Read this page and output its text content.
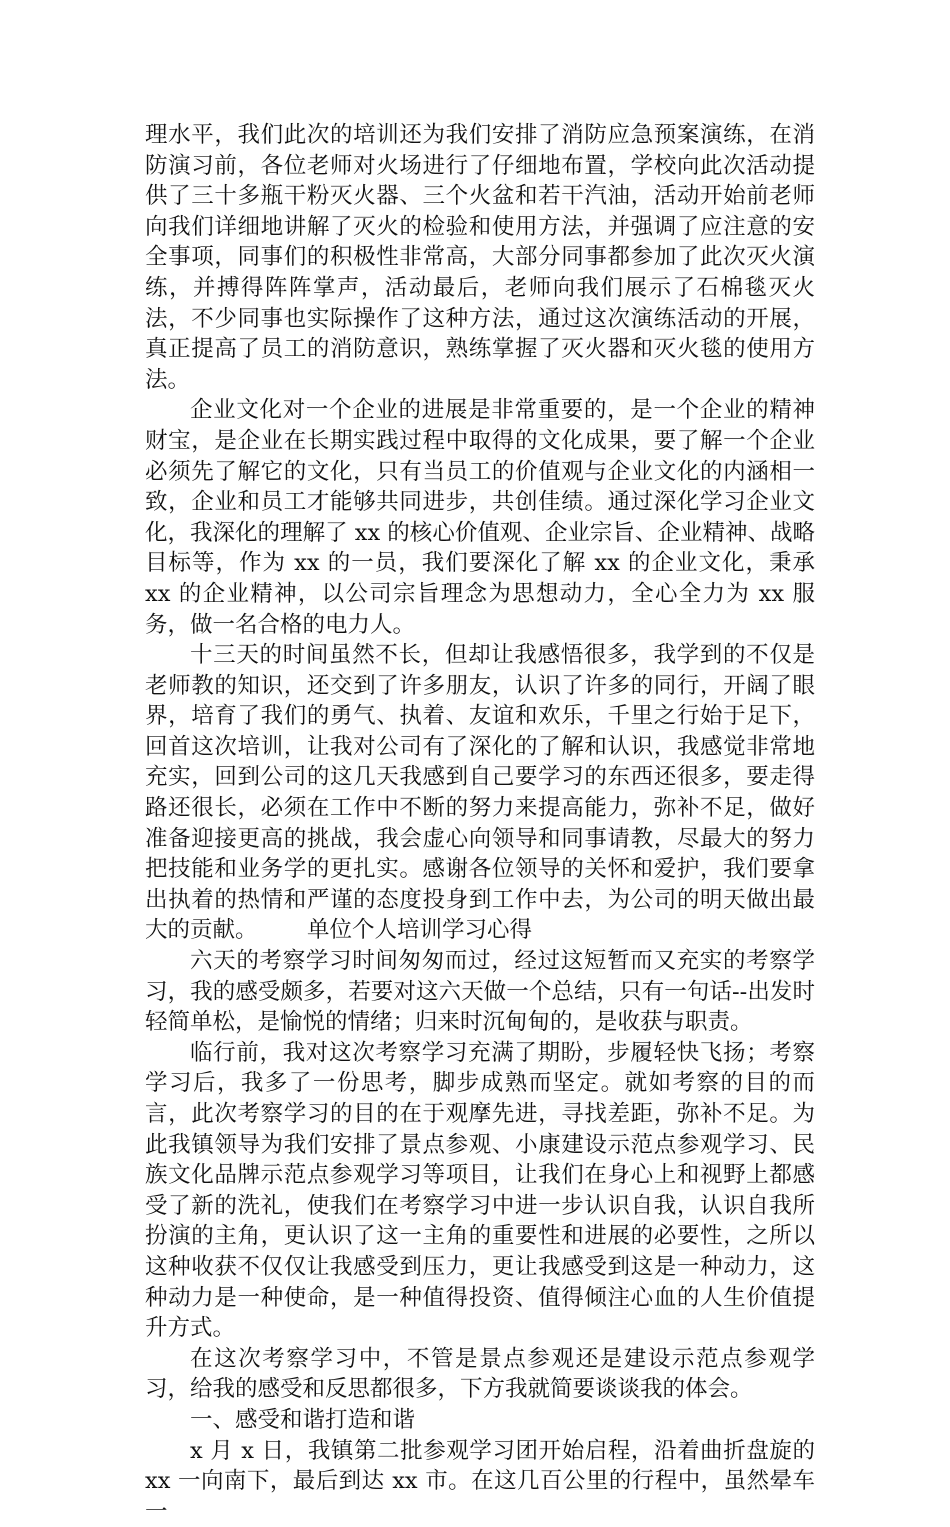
理水平，我们此次的培训还为我们安排了消防应急预案演练，在消防演习前，各位老师对火场进行了仔细地布置，学校向此次活动提供了三十多瓶干粉灭火器、三个火盆和若干汽油，活动开始前老师向我们详细地讲解了灭火的检验和使用方法，并强调了应注意的安全事项，同事们的积极性非常高，大部分同事都参加了此次灭火演练，并搏得阵阵掌声，活动最后，老师向我们展示了石棉毯灭火法，不少同事也实际操作了这种方法，通过这次演练活动的开展，真正提高了员工的消防意识，熟练掌握了灭火器和灭火毯的使用方法。

企业文化对一个企业的进展是非常重要的，是一个企业的精神财宝，是企业在长期实践过程中取得的文化成果，要了解一个企业必须先了解它的文化，只有当员工的价值观与企业文化的内涵相一致，企业和员工才能够共同进步，共创佳绩。通过深化学习企业文化，我深化的理解了 xx 的核心价值观、企业宗旨、企业精神、战略目标等，作为 xx 的一员，我们要深化了解 xx 的企业文化，秉承 xx 的企业精神，以公司宗旨理念为思想动力，全心全力为 xx 服务，做一名合格的电力人。

十三天的时间虽然不长，但却让我感悟很多，我学到的不仅是老师教的知识，还交到了许多朋友，认识了许多的同行，开阔了眼界，培育了我们的勇气、执着、友谊和欢乐，千里之行始于足下，回首这次培训，让我对公司有了深化的了解和认识，我感觉非常地充实，回到公司的这几天我感到自己要学习的东西还很多，要走得路还很长，必须在工作中不断的努力来提高能力，弥补不足，做好准备迎接更高的挑战，我会虚心向领导和同事请教，尽最大的努力把技能和业务学的更扎实。感谢各位领导的关怀和爱护，我们要拿出执着的热情和严谨的态度投身到工作中去，为公司的明天做出最大的贡献。 单位个人培训学习心得

六天的考察学习时间匆匆而过，经过这短暂而又充实的考察学习，我的感受颇多，若要对这六天做一个总结，只有一句话--出发时轻简单松，是愉悦的情绪；归来时沉甸甸的，是收获与职责。

临行前，我对这次考察学习充满了期盼，步履轻快飞扬；考察学习后，我多了一份思考，脚步成熟而坚定。就如考察的目的而言，此次考察学习的目的在于观摩先进，寻找差距，弥补不足。为此我镇领导为我们安排了景点参观、小康建设示范点参观学习、民族文化品牌示范点参观学习等项目，让我们在身心上和视野上都感受了新的洗礼，使我们在考察学习中进一步认识自我，认识自我所扮演的主角，更认识了这一主角的重要性和进展的必要性，之所以这种收获不仅仅让我感受到压力，更让我感受到这是一种动力，这种动力是一种使命，是一种值得投资、值得倾注心血的人生价值提升方式。

在这次考察学习中，不管是景点参观还是建设示范点参观学习，给我的感受和反思都很多，下方我就简要谈谈我的体会。

一、感受和谐打造和谐

x 月 x 日，我镇第二批参观学习团开始启程，沿着曲折盘旋的 xx 一向南下，最后到达 xx 市。在这几百公里的行程中，虽然晕车一
